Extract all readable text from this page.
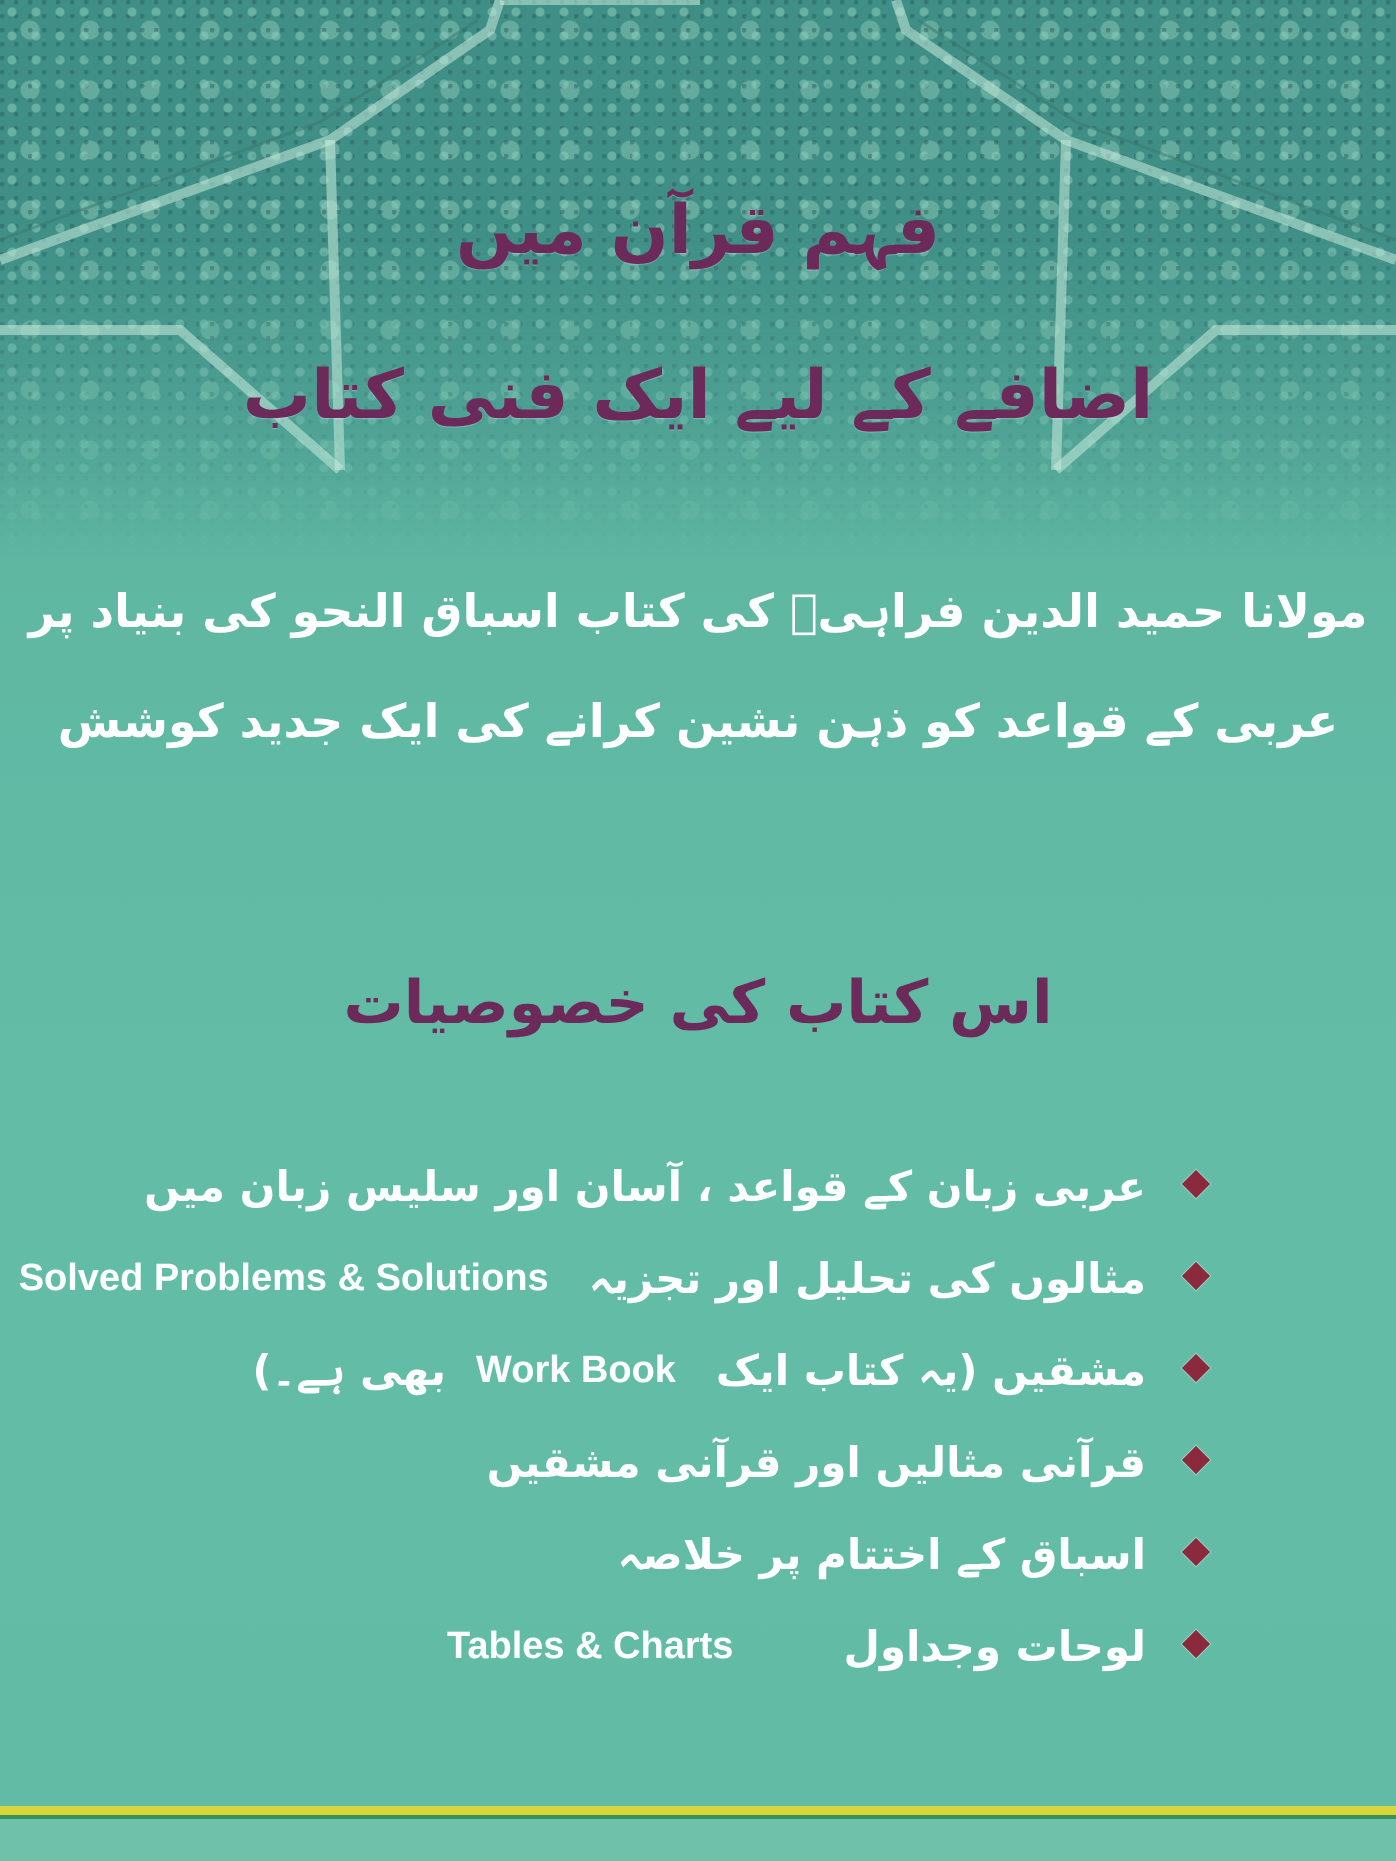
فہم قرآن میں
اضافے کے لیے ایک فنی کتاب

مولانا حمید الدین فراہیؒ کی کتاب اسباق النحو کی بنیاد پر

عربی کے قواعد کو ذہن نشین کرانے کی ایک جدید کوشش

اس کتاب کی خصوصیات
عربی زبان کے قواعد ، آسان اور سلیس زبان میں
مثالوں کی تحلیل اور تجزیہ
Solved Problems & Solutions
مشقیں (یہ کتاب ایک
Work Book
بھی ہے۔)
قرآنی مثالیں اور قرآنی مشقیں
اسباق کے اختتام پر خلاصہ
لوحات وجداول
Tables & Charts
